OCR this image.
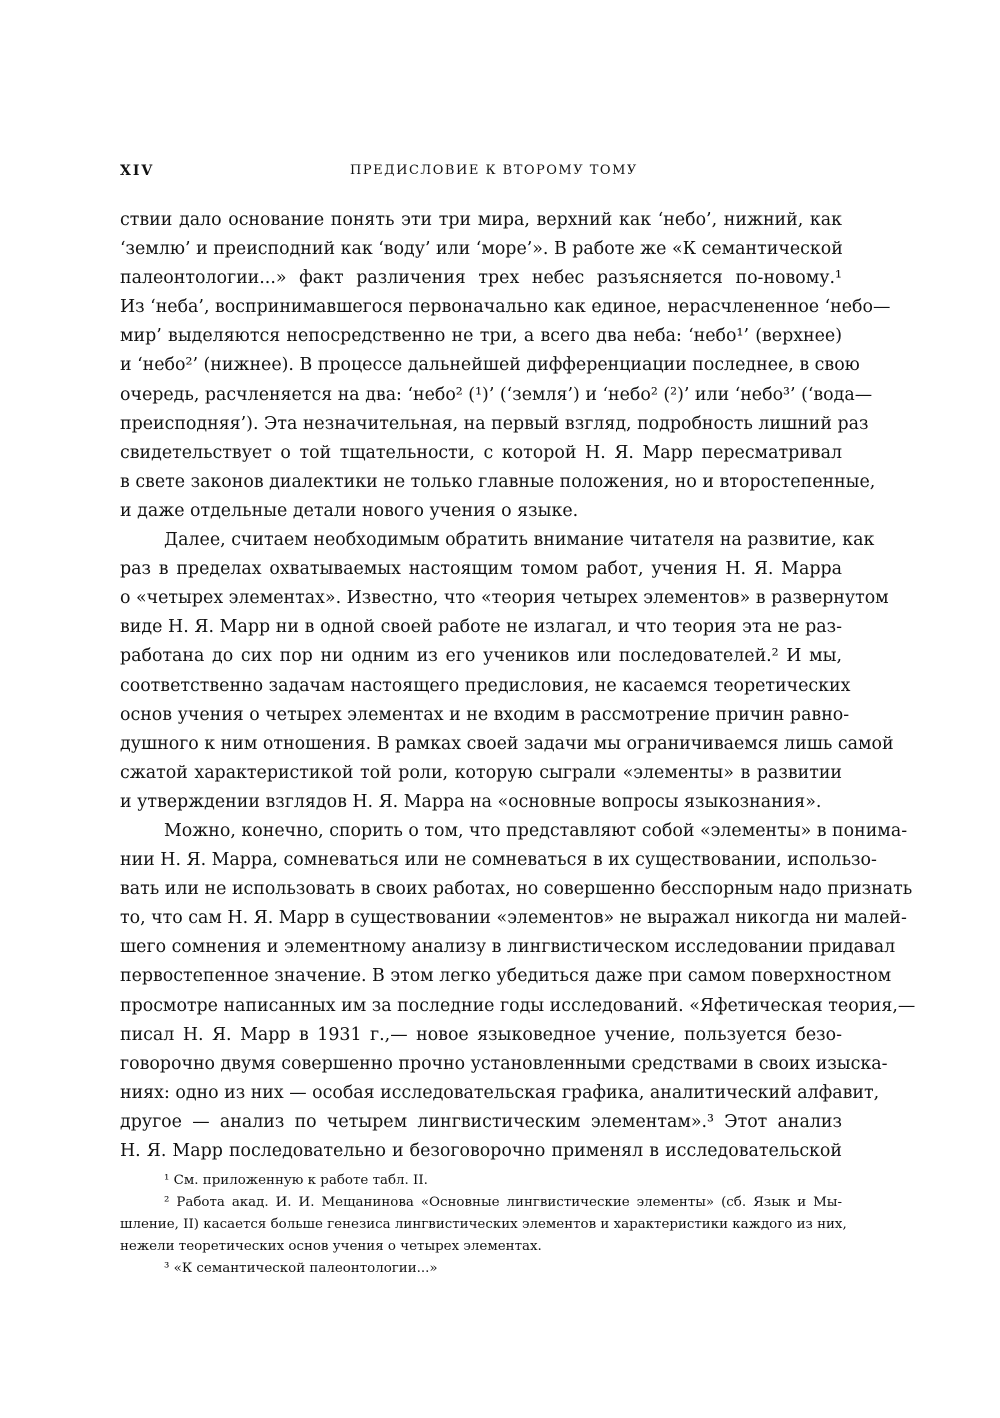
XIV	ПРЕДИСЛОВИЕ К ВТОРОМУ ТОМУ
ствии дало основание понять эти три мира, верхний как ‘небо’, нижний, как
‘землю’ и преисподний как ‘воду’ или ‘море’». В работе же «К семантической
палеонтологии...» факт различения трех небес разъясняется по-новому.¹
Из ‘неба’, воспринимавшегося первоначально как единое, нерасчлененное ‘небо—
мир’ выделяются непосредственно не три, а всего два неба: ‘небо¹’ (верхнее)
и ‘небо²’ (нижнее). В процессе дальнейшей дифференциации последнее, в свою
очередь, расчленяется на два: ‘небо² (¹)’ (‘земля’) и ‘небо² (²)’ или ‘небо³’ (‘вода—
преисподняя’). Эта незначительная, на первый взгляд, подробность лишний раз
свидетельствует о той тщательности, с которой Н. Я. Марр пересматривал
в свете законов диалектики не только главные положения, но и второстепенные,
и даже отдельные детали нового учения о языке.
Далее, считаем необходимым обратить внимание читателя на развитие, как
раз в пределах охватываемых настоящим томом работ, учения Н. Я. Марра
о «четырех элементах». Известно, что «теория четырех элементов» в развернутом
виде Н. Я. Марр ни в одной своей работе не излагал, и что теория эта не раз-
работана до сих пор ни одним из его учеников или последователей.² И мы,
соответственно задачам настоящего предисловия, не касаемся теоретических
основ учения о четырех элементах и не входим в рассмотрение причин равно-
душного к ним отношения. В рамках своей задачи мы ограничиваемся лишь самой
сжатой характеристикой той роли, которую сыграли «элементы» в развитии
и утверждении взглядов Н. Я. Марра на «основные вопросы языкознания».
Можно, конечно, спорить о том, что представляют собой «элементы» в понима-
нии Н. Я. Марра, сомневаться или не сомневаться в их существовании, использо-
вать или не использовать в своих работах, но совершенно бесспорным надо признать
то, что сам Н. Я. Марр в существовании «элементов» не выражал никогда ни малей-
шего сомнения и элементному анализу в лингвистическом исследовании придавал
первостепенное значение. В этом легко убедиться даже при самом поверхностном
просмотре написанных им за последние годы исследований. «Яфетическая теория,—
писал Н. Я. Марр в 1931 г.,— новое языковедное учение, пользуется безо-
говорочно двумя совершенно прочно установленными средствами в своих изыска-
ниях: одно из них — особая исследовательская графика, аналитический алфавит,
другое — анализ по четырем лингвистическим элементам».³ Этот анализ
Н. Я. Марр последовательно и безоговорочно применял в исследовательской
¹ См. приложенную к работе табл. II.
² Работа акад. И. И. Мещанинова «Основные лингвистические элементы» (сб. Язык и Мы-
шление, II) касается больше генезиса лингвистических элементов и характеристики каждого из них,
нежели теоретических основ учения о четырех элементах.
³ «К семантической палеонтологии...»
